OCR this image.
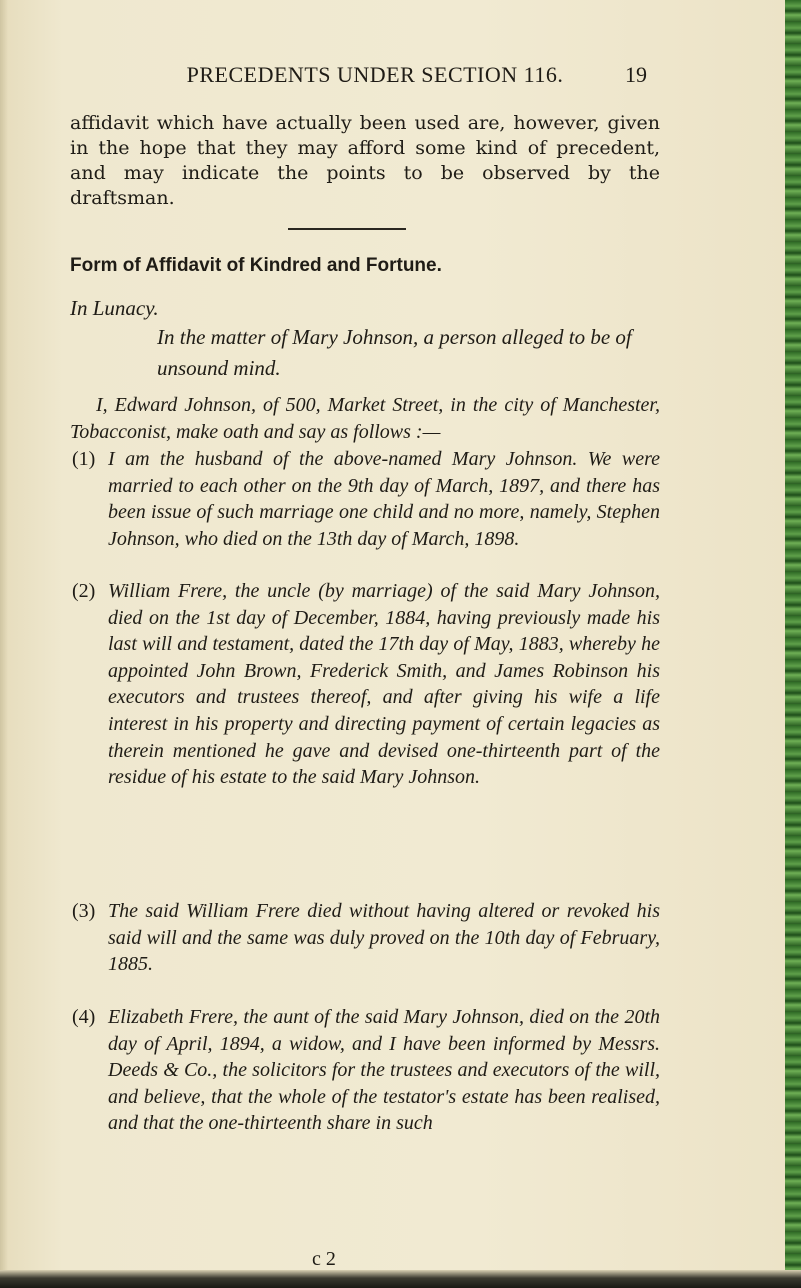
PRECEDENTS UNDER SECTION 116.	19
affidavit which have actually been used are, however, given in the hope that they may afford some kind of precedent, and may indicate the points to be observed by the draftsman.
Form of Affidavit of Kindred and Fortune.
In Lunacy.
In the matter of Mary Johnson, a person alleged to be of unsound mind.
I, Edward Johnson, of 500, Market Street, in the city of Manchester, Tobacconist, make oath and say as follows :—
(1) I am the husband of the above-named Mary Johnson. We were married to each other on the 9th day of March, 1897, and there has been issue of such marriage one child and no more, namely, Stephen Johnson, who died on the 13th day of March, 1898.
(2) William Frere, the uncle (by marriage) of the said Mary Johnson, died on the 1st day of December, 1884, having previously made his last will and testament, dated the 17th day of May, 1883, whereby he appointed John Brown, Frederick Smith, and James Robinson his executors and trustees thereof, and after giving his wife a life interest in his property and directing payment of certain legacies as therein mentioned he gave and devised one-thirteenth part of the residue of his estate to the said Mary Johnson.
(3) The said William Frere died without having altered or revoked his said will and the same was duly proved on the 10th day of February, 1885.
(4) Elizabeth Frere, the aunt of the said Mary Johnson, died on the 20th day of April, 1894, a widow, and I have been informed by Messrs. Deeds & Co., the solicitors for the trustees and executors of the will, and believe, that the whole of the testator's estate has been realised, and that the one-thirteenth share in such
c 2
